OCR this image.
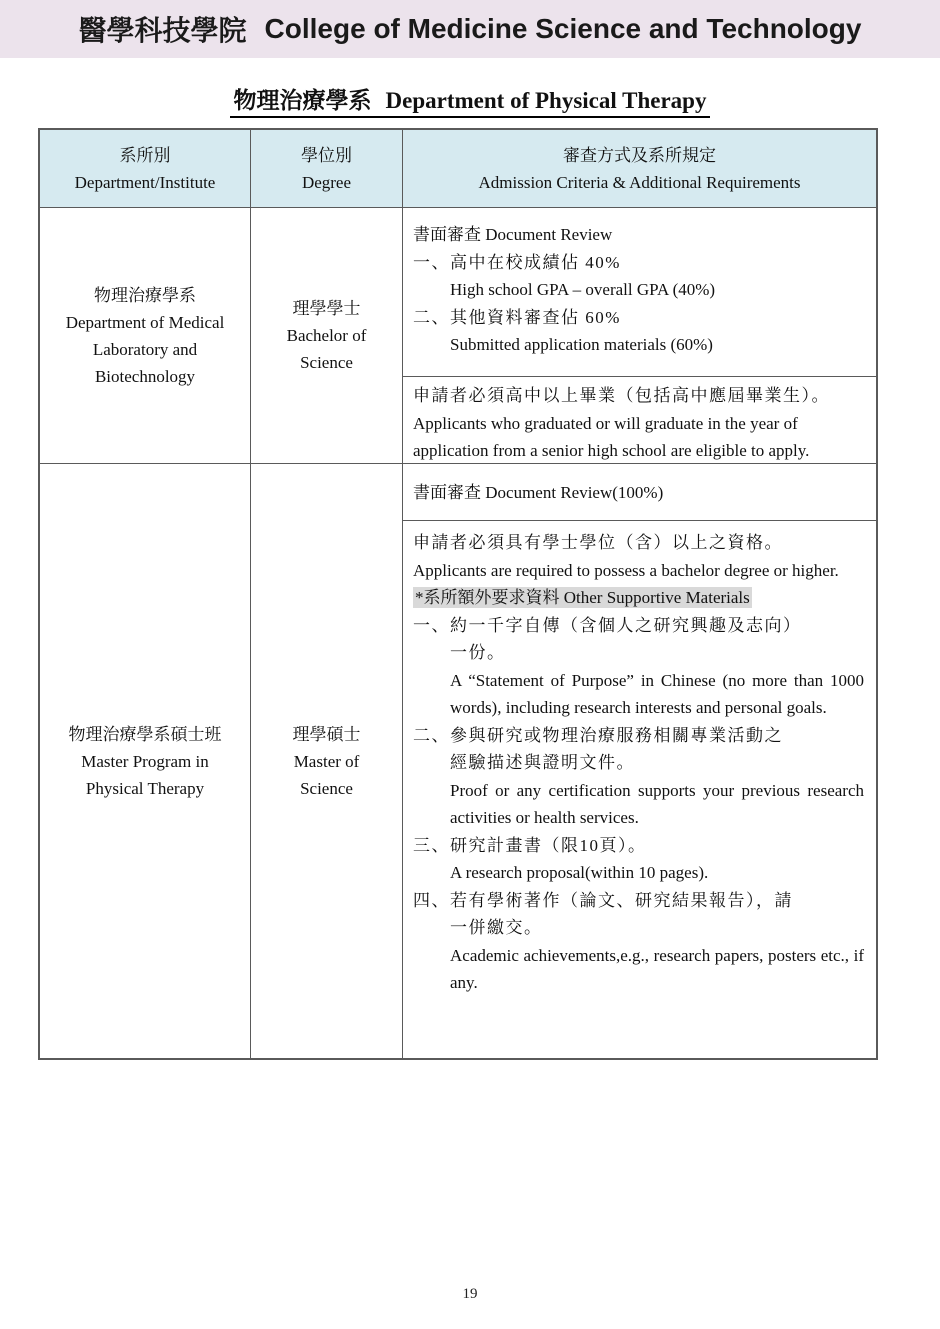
醫學科技學院 College of Medicine Science and Technology
物理治療學系 Department of Physical Therapy
系所別
Department/Institute
學位別
Degree
審查方式及系所規定
Admission Criteria & Additional Requirements
物理治療學系
Department of Medical Laboratory and Biotechnology
理學學士
Bachelor of Science
書面審查 Document Review
一、高中在校成績佔 40%
High school GPA – overall GPA (40%)
二、其他資料審查佔 60%
Submitted application materials (60%)
申請者必須高中以上畢業（包括高中應屆畢業生）。
Applicants who graduated or will graduate in the year of application from a senior high school are eligible to apply.
物理治療學系碩士班
Master Program in Physical Therapy
理學碩士
Master of Science
書面審查 Document Review(100%)
申請者必須具有學士學位（含）以上之資格。
Applicants are required to possess a bachelor degree or higher.
*系所額外要求資料 Other Supportive Materials
一、約一千字自傳（含個人之研究興趣及志向）
一份。
A “Statement of Purpose” in Chinese (no more than 1000 words), including research interests and personal goals.
二、參與研究或物理治療服務相關專業活動之
經驗描述與證明文件。
Proof or any certification supports your previous research activities or health services.
三、研究計畫書（限10頁）。
A research proposal(within 10 pages).
四、若有學術著作（論文、研究結果報告），請
一併繳交。
Academic achievements,e.g., research papers, posters etc., if any.
19
